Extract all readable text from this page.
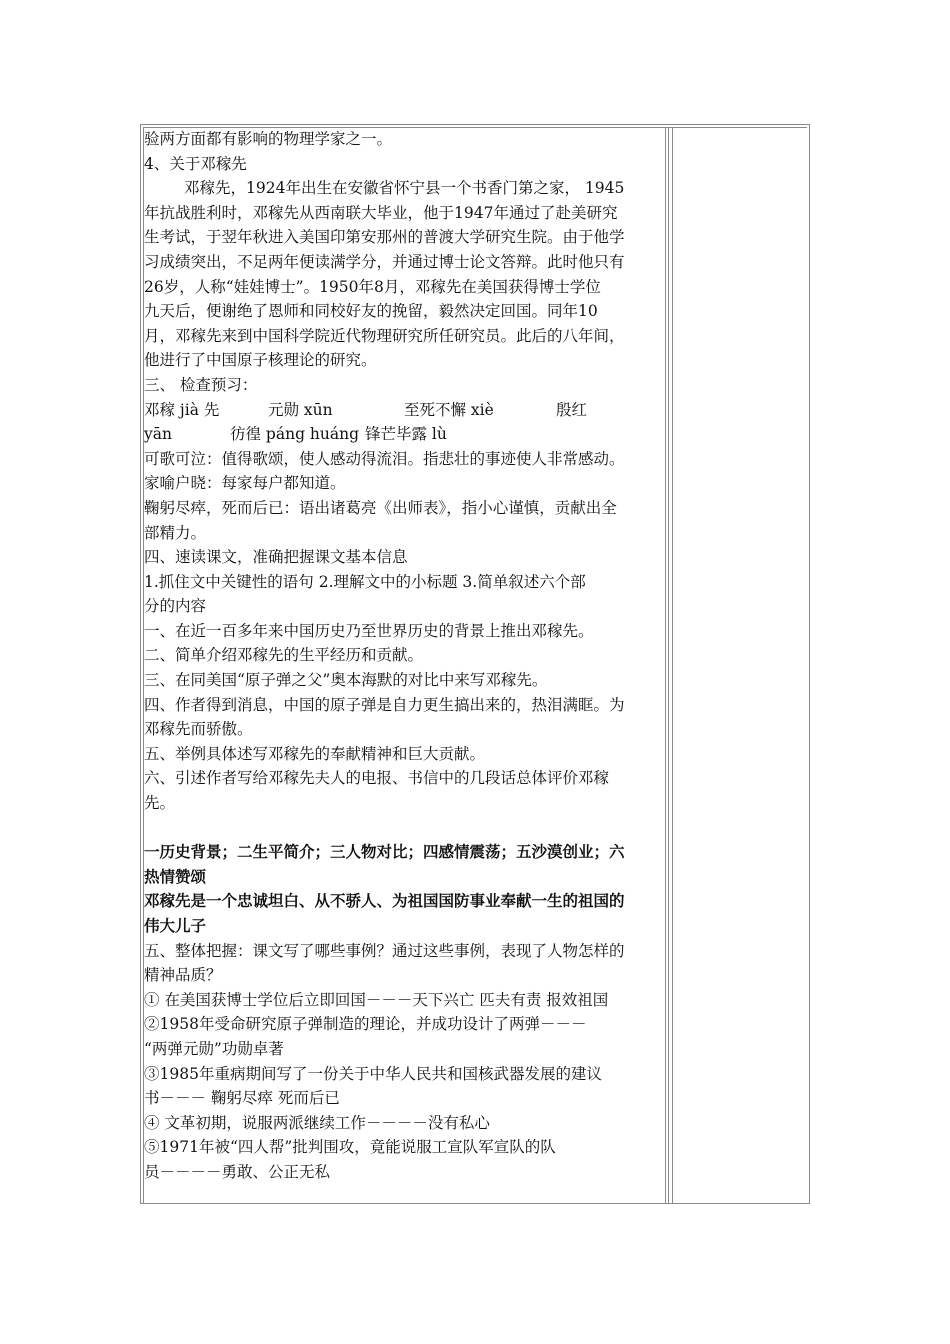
验两方面都有影响的物理学家之一。
4、关于邓稼先
邓稼先，1924年出生在安徽省怀宁县一个书香门第之家， 1945
年抗战胜利时，邓稼先从西南联大毕业，他于1947年通过了赴美研究
生考试，于翌年秋进入美国印第安那州的普渡大学研究生院。由于他学
习成绩突出，不足两年便读满学分，并通过博士论文答辩。此时他只有
26岁，人称“娃娃博士”。1950年8月，邓稼先在美国获得博士学位
九天后，便谢绝了恩师和同校好友的挽留，毅然决定回国。同年10
月，邓稼先来到中国科学院近代物理研究所任研究员。此后的八年间，
他进行了中国原子核理论的研究。
三、 检查预习：
邓稼 jià 先	元勋 xūn	至死不懈 xiè	殷红
yān	彷徨 páng huáng 锋芒毕露 lù
可歌可泣：值得歌颂，使人感动得流泪。指悲壮的事迹使人非常感动。
家喻户晓：每家每户都知道。
鞠躬尽瘁，死而后已：语出诸葛亮《出师表》，指小心谨慎，贡献出全
部精力。
四、速读课文，准确把握课文基本信息
1.抓住文中关键性的语句 2.理解文中的小标题 3.简单叙述六个部
分的内容
一、在近一百多年来中国历史乃至世界历史的背景上推出邓稼先。
二、简单介绍邓稼先的生平经历和贡献。
三、在同美国“原子弹之父”奥本海默的对比中来写邓稼先。
四、作者得到消息，中国的原子弹是自力更生搞出来的，热泪满眶。为
邓稼先而骄傲。
五、举例具体述写邓稼先的奉献精神和巨大贡献。
六、引述作者写给邓稼先夫人的电报、书信中的几段话总体评价邓稼
先。
一历史背景；二生平简介；三人物对比；四感情震荡；五沙漠创业；六
热情赞颂
邓稼先是一个忠诚坦白、从不骄人、为祖国国防事业奉献一生的祖国的
伟大儿子
五、整体把握：课文写了哪些事例？通过这些事例，表现了人物怎样的
精神品质？
① 在美国获博士学位后立即回国－－－天下兴亡 匹夫有责 报效祖国
②1958年受命研究原子弹制造的理论，并成功设计了两弹－－－
“两弹元勋”功勋卓著
③1985年重病期间写了一份关于中华人民共和国核武器发展的建议
书－－－ 鞠躬尽瘁 死而后已
④ 文革初期，说服两派继续工作－－－－没有私心
⑤1971年被“四人帮”批判围攻，竟能说服工宣队军宣队的队
员－－－－勇敢、公正无私
